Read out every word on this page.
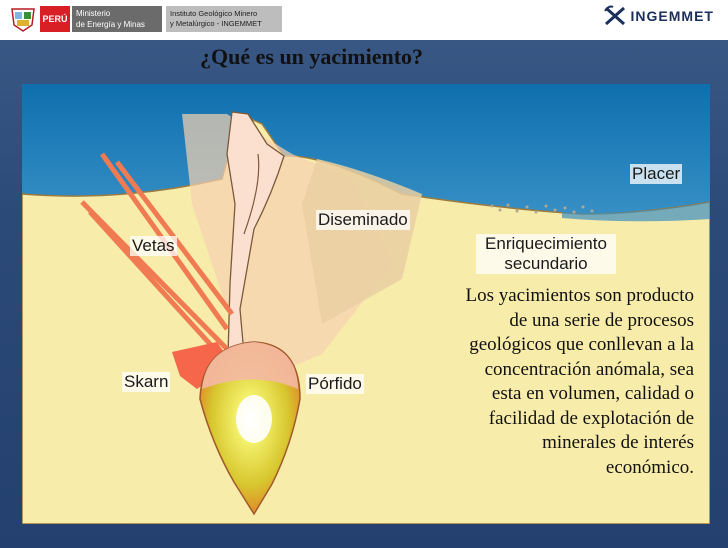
PERÚ
Ministerio
de Energía y Minas
Instituto Geológico Minero
y Metalúrgico - INGEMMET	INGEMMET
¿Qué es un yacimiento?
Placer
Diseminado
Vetas	Enriquecimiento
secundario
Skarn	Pórfido
Los yacimientos son producto
de una serie de procesos
geológicos que conllevan a la
concentración anómala, sea
esta en volumen, calidad o
facilidad de explotación de
minerales de interés
económico.
